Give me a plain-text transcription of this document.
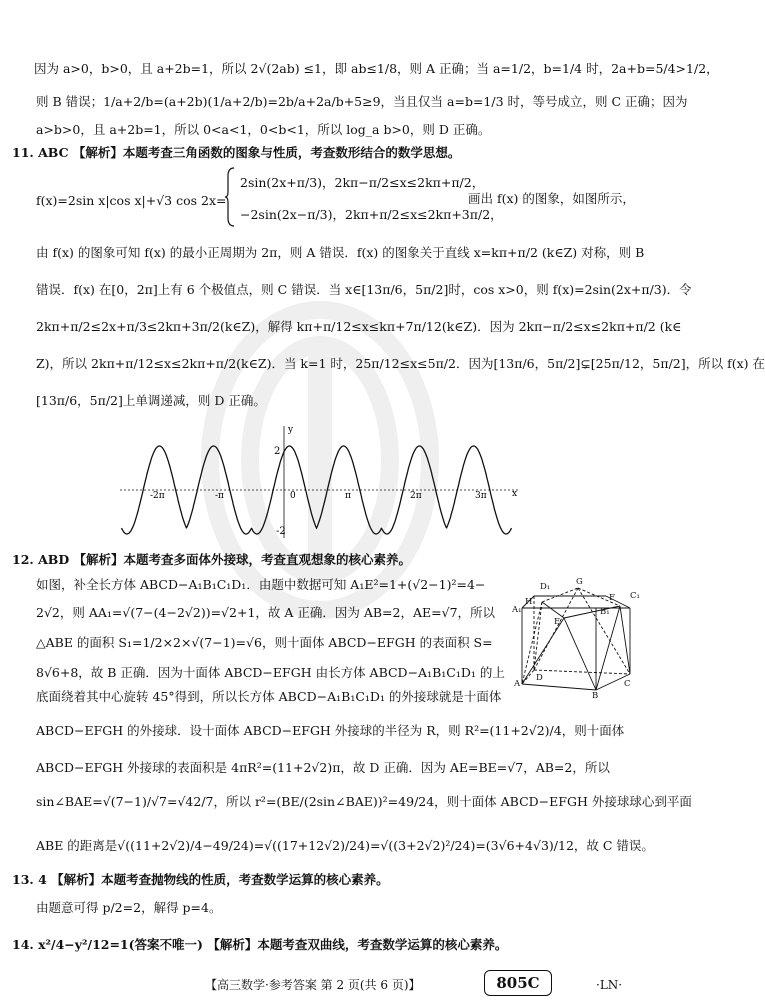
因为 a>0，b>0，且 a+2b=1，所以 2√(2ab) ≤1，即 ab≤1/8，则 A 正确；当 a=1/2，b=1/4 时，2a+b=5/4>1/2，
则 B 错误；1/a+2/b=(a+2b)(1/a+2/b)=2b/a+2a/b+5≥9，当且仅当 a=b=1/3 时，等号成立，则 C 正确；因为
a>b>0，且 a+2b=1，所以 0<a<1，0<b<1，所以 log_a b>0，则 D 正确。
11. ABC 【解析】本题考查三角函数的图象与性质，考查数形结合的数学思想。
f(x)=2sin x|cos x|+√3 cos 2x=
2sin(2x+π/3)，2kπ−π/2≤x≤2kπ+π/2，
−2sin(2x−π/3)，2kπ+π/2≤x≤2kπ+3π/2，
画出 f(x) 的图象，如图所示，
由 f(x) 的图象可知 f(x) 的最小正周期为 2π，则 A 错误．f(x) 的图象关于直线 x=kπ+π/2 (k∈Z) 对称，则 B
错误．f(x) 在[0，2π]上有 6 个极值点，则 C 错误．当 x∈[13π/6，5π/2]时，cos x>0，则 f(x)=2sin(2x+π/3)．令
2kπ+π/2≤2x+π/3≤2kπ+3π/2(k∈Z)，解得 kπ+π/12≤x≤kπ+7π/12(k∈Z)．因为 2kπ−π/2≤x≤2kπ+π/2 (k∈
Z)，所以 2kπ+π/12≤x≤2kπ+π/2(k∈Z)．当 k=1 时，25π/12≤x≤5π/2．因为[13π/6，5π/2]⊊[25π/12，5π/2]，所以 f(x) 在
[13π/6，5π/2]上单调递减，则 D 正确。
y
x
2
-2
-2π	-π	0	π	2π	3π
12. ABD 【解析】本题考查多面体外接球，考查直观想象的核心素养。
如图，补全长方体 ABCD−A₁B₁C₁D₁．由题中数据可知 A₁E²=1+(√2−1)²=4−
2√2，则 AA₁=√(7−(4−2√2))=√2+1，故 A 正确．因为 AB=2，AE=√7，所以
△ABE 的面积 S₁=1/2×2×√(7−1)=√6，则十面体 ABCD−EFGH 的表面积 S=
8√6+8，故 B 正确．因为十面体 ABCD−EFGH 由长方体 ABCD−A₁B₁C₁D₁ 的上
底面绕着其中心旋转 45°得到，所以长方体 ABCD−A₁B₁C₁D₁ 的外接球就是十面体
D₁	G
C₁
A₁
H	F
B₁
E
D
C
A
B
ABCD−EFGH 的外接球．设十面体 ABCD−EFGH 外接球的半径为 R，则 R²=(11+2√2)/4，则十面体
ABCD−EFGH 外接球的表面积是 4πR²=(11+2√2)π，故 D 正确．因为 AE=BE=√7，AB=2，所以
sin∠BAE=√(7−1)/√7=√42/7，所以 r²=(BE/(2sin∠BAE))²=49/24，则十面体 ABCD−EFGH 外接球球心到平面
ABE 的距离是√((11+2√2)/4−49/24)=√((17+12√2)/24)=√((3+2√2)²/24)=(3√6+4√3)/12，故 C 错误。
13. 4 【解析】本题考查抛物线的性质，考查数学运算的核心素养。
由题意可得 p/2=2，解得 p=4。
14. x²/4−y²/12=1(答案不唯一) 【解析】本题考查双曲线，考查数学运算的核心素养。
【高三数学·参考答案 第 2 页(共 6 页)】	805C	·LN·
